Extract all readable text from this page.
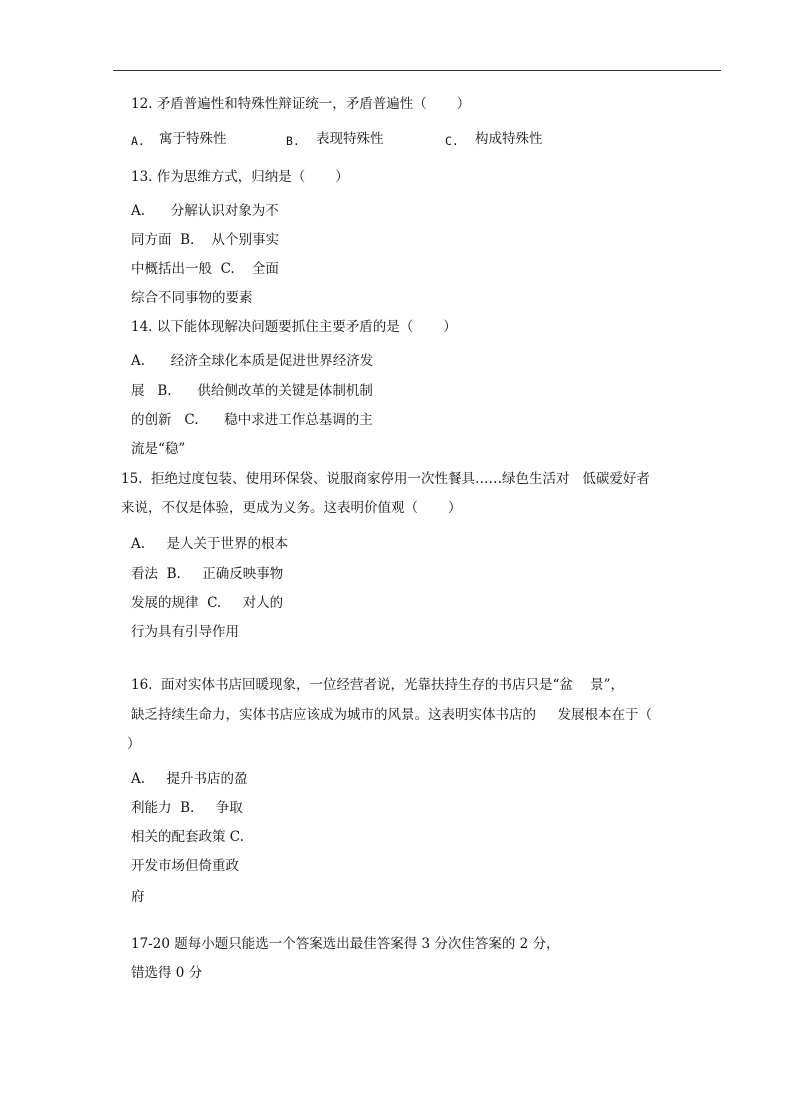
12. 矛盾普遍性和特殊性辩证统一，矛盾普遍性（       ）
A. 寓于特殊性	B. 表现特殊性	C. 构成特殊性
13. 作为思维方式，归纳是（       ）
A.      分解认识对象为不
同方面  B.    从个别事实
中概括出一般  C.    全面
综合不同事物的要素
14. 以下能体现解决问题要抓住主要矛盾的是（       ）
A.      经济全球化本质是促进世界经济发
展   B.      供给侧改革的关键是体制机制
的创新   C.      稳中求进工作总基调的主
流是“稳”
15.  拒绝过度包装、使用环保袋、说服商家停用一次性餐具……绿色生活对   低碳爱好者
来说，不仅是体验，更成为义务。这表明价值观（       ）
A.     是人关于世界的根本
看法  B.     正确反映事物
发展的规律  C.     对人的
行为具有引导作用
16.  面对实体书店回暖现象，一位经营者说，光靠扶持生存的书店只是“盆    景”，
缺乏持续生命力，实体书店应该成为城市的风景。这表明实体书店的     发展根本在于（
）
A.     提升书店的盈
利能力  B.     争取
相关的配套政策 C.
开发市场但倚重政
府
17-20 题每小题只能选一个答案选出最佳答案得 3 分次佳答案的 2 分，
错选得 0 分
